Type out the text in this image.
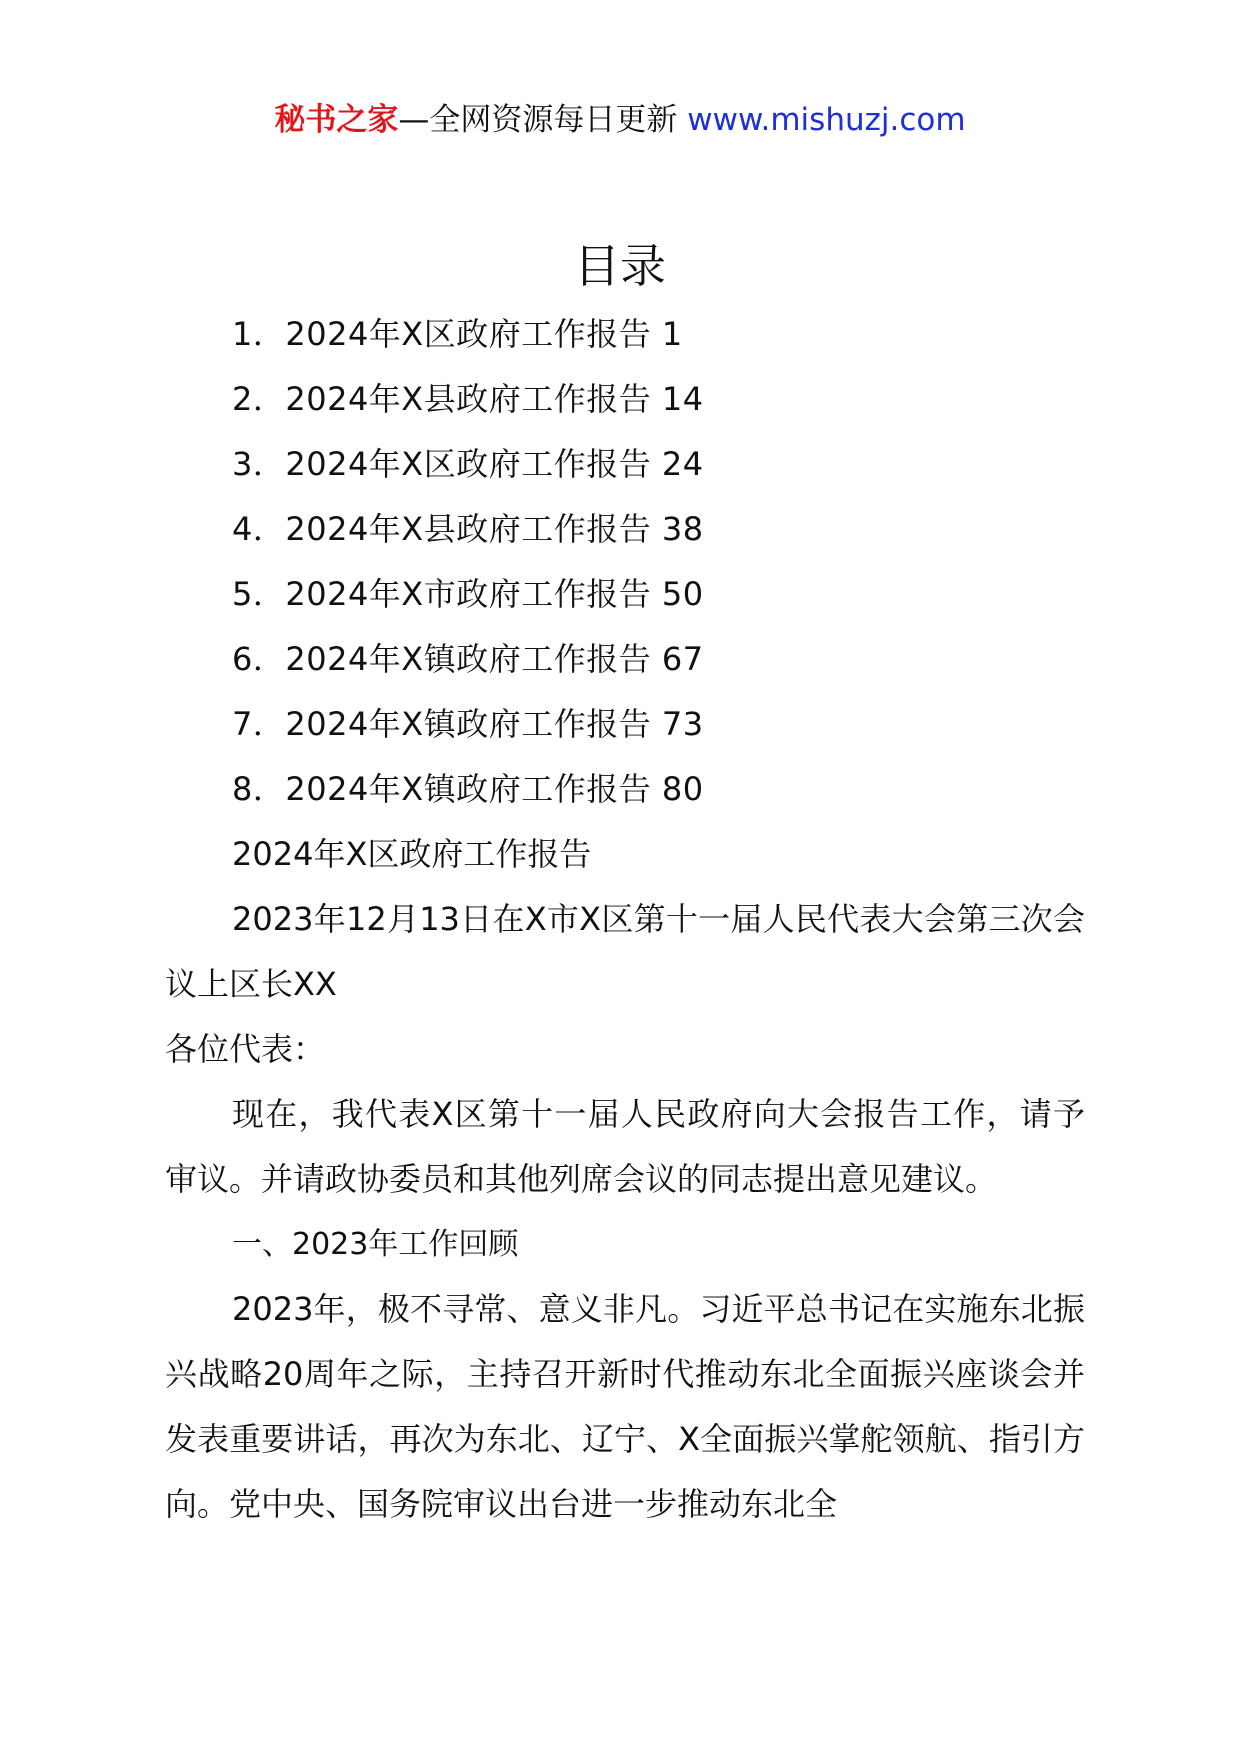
秘书之家—全网资源每日更新 www.mishuzj.com
目录
1．2024年X区政府工作报告 1
2．2024年X县政府工作报告 14
3．2024年X区政府工作报告 24
4．2024年X县政府工作报告 38
5．2024年X市政府工作报告 50
6．2024年X镇政府工作报告 67
7．2024年X镇政府工作报告 73
8．2024年X镇政府工作报告 80

2024年X区政府工作报告

2023年12月13日在X市X区第十一届人民代表大会第三次会议上区长XX

各位代表：

现在，我代表X区第十一届人民政府向大会报告工作，请予审议。并请政协委员和其他列席会议的同志提出意见建议。

一、2023年工作回顾

2023年，极不寻常、意义非凡。习近平总书记在实施东北振兴战略20周年之际，主持召开新时代推动东北全面振兴座谈会并发表重要讲话，再次为东北、辽宁、X全面振兴掌舵领航、指引方向。党中央、国务院审议出台进一步推动东北全
